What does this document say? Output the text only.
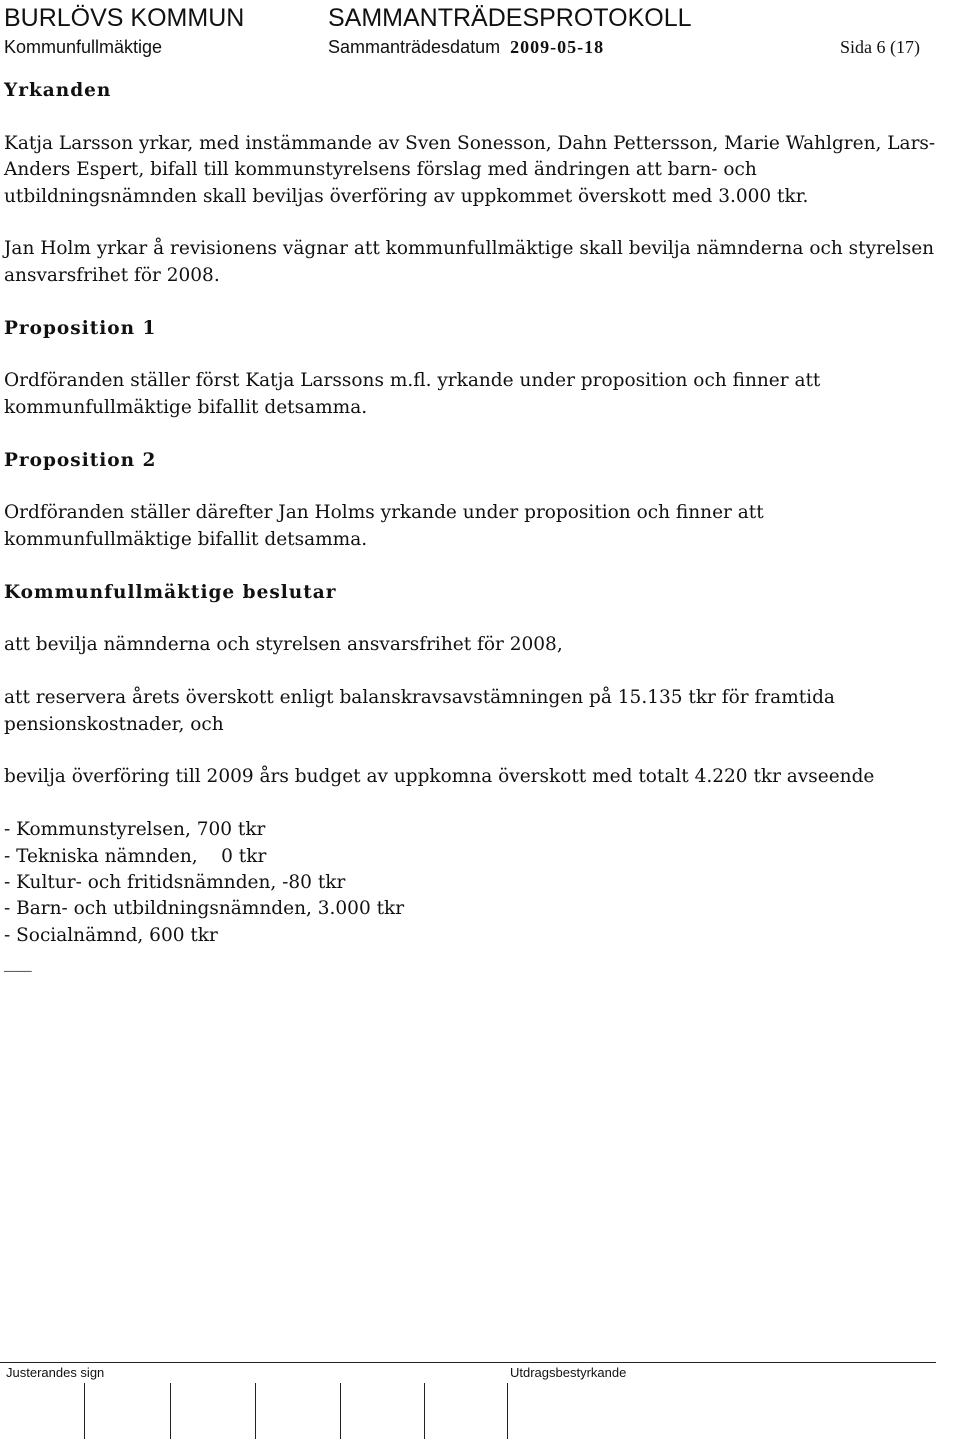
BURLÖVS KOMMUN	SAMMANTRÄDESPROTOKOLL
Kommunfullmäktige	Sammanträdesdatum 2009-05-18	Sida 6 (17)

Yrkanden

Katja Larsson yrkar, med instämmande av Sven Sonesson, Dahn Pettersson, Marie Wahlgren, Lars- Anders Espert, bifall till kommunstyrelsens förslag med ändringen att barn- och utbildningsnämnden skall beviljas överföring av uppkommet överskott med 3.000 tkr.

Jan Holm yrkar å revisionens vägnar att kommunfullmäktige skall bevilja nämnderna och styrelsen ansvarsfrihet för 2008.

Proposition 1

Ordföranden ställer först Katja Larssons m.fl. yrkande under proposition och finner att kommunfullmäktige bifallit detsamma.

Proposition 2

Ordföranden ställer därefter Jan Holms yrkande under proposition och finner att kommunfullmäktige bifallit detsamma.

Kommunfullmäktige beslutar

att bevilja nämnderna och styrelsen ansvarsfrihet för 2008,

att reservera årets överskott enligt balanskravsavstämningen på 15.135 tkr för framtida pensionskostnader, och

bevilja överföring till 2009 års budget av uppkomna överskott med totalt 4.220 tkr avseende

- Kommunstyrelsen, 700 tkr

- Tekniska nämnden,    0 tkr

- Kultur- och fritidsnämnden, -80 tkr

- Barn- och utbildningsnämnden, 3.000 tkr

- Socialnämnd, 600 tkr

___

Justerandes sign	Utdragsbestyrkande
